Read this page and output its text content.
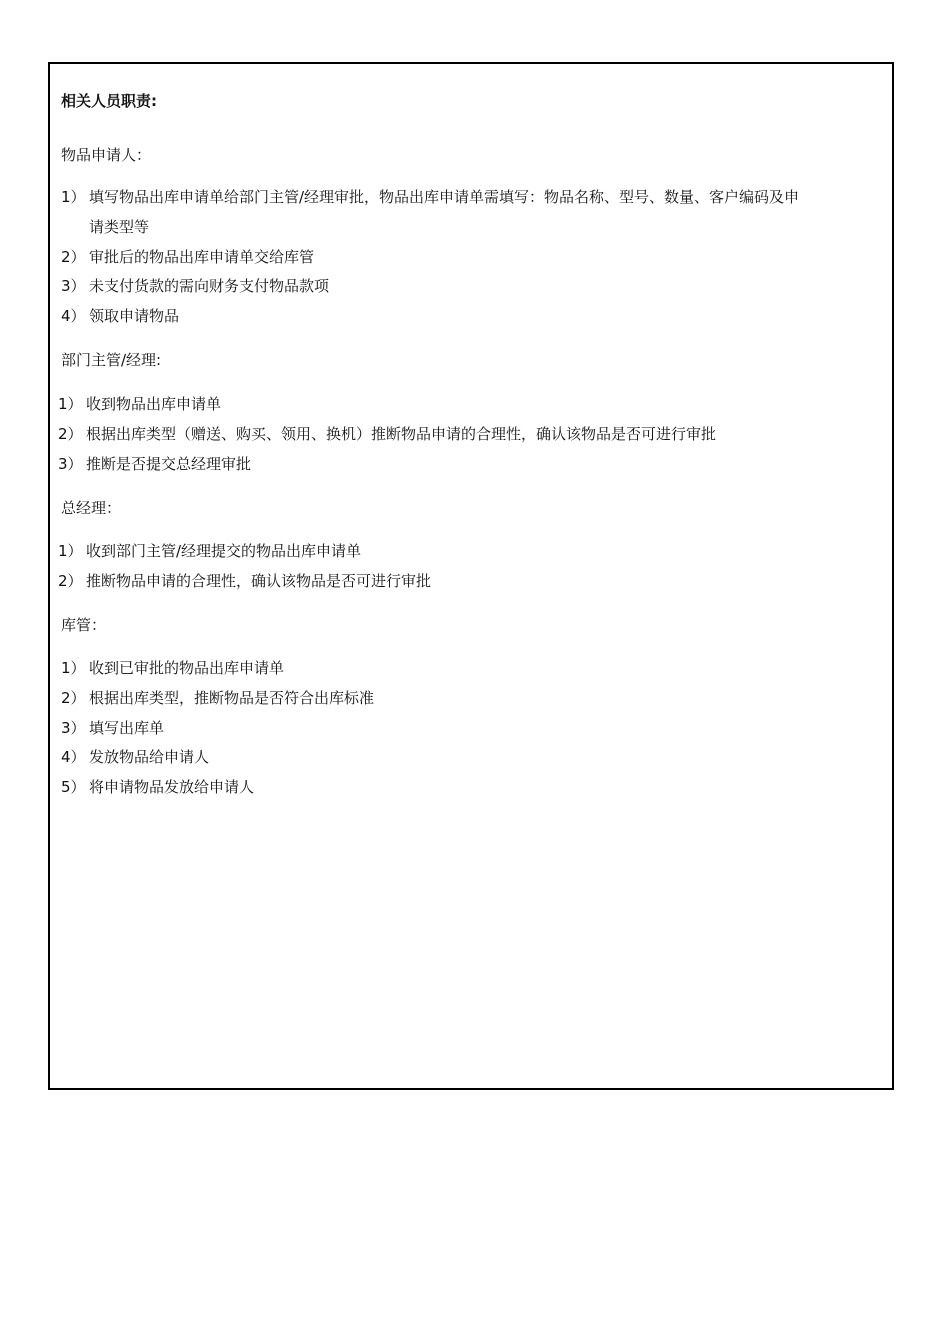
相关人员职责:
物品申请人：
1） 填写物品出库申请单给部门主管/经理审批，物品出库申请单需填写：物品名称、型号、数量、客户编码及申
请类型等
2） 审批后的物品出库申请单交给库管
3） 未支付货款的需向财务支付物品款项
4） 领取申请物品
部门主管/经理:
1） 收到物品出库申请单
2） 根据出库类型（赠送、购买、领用、换机）推断物品申请的合理性，确认该物品是否可进行审批
3） 推断是否提交总经理审批
总经理：
1） 收到部门主管/经理提交的物品出库申请单
2） 推断物品申请的合理性，确认该物品是否可进行审批
库管：
1） 收到已审批的物品出库申请单
2） 根据出库类型，推断物品是否符合出库标准
3） 填写出库单
4） 发放物品给申请人
5） 将申请物品发放给申请人
